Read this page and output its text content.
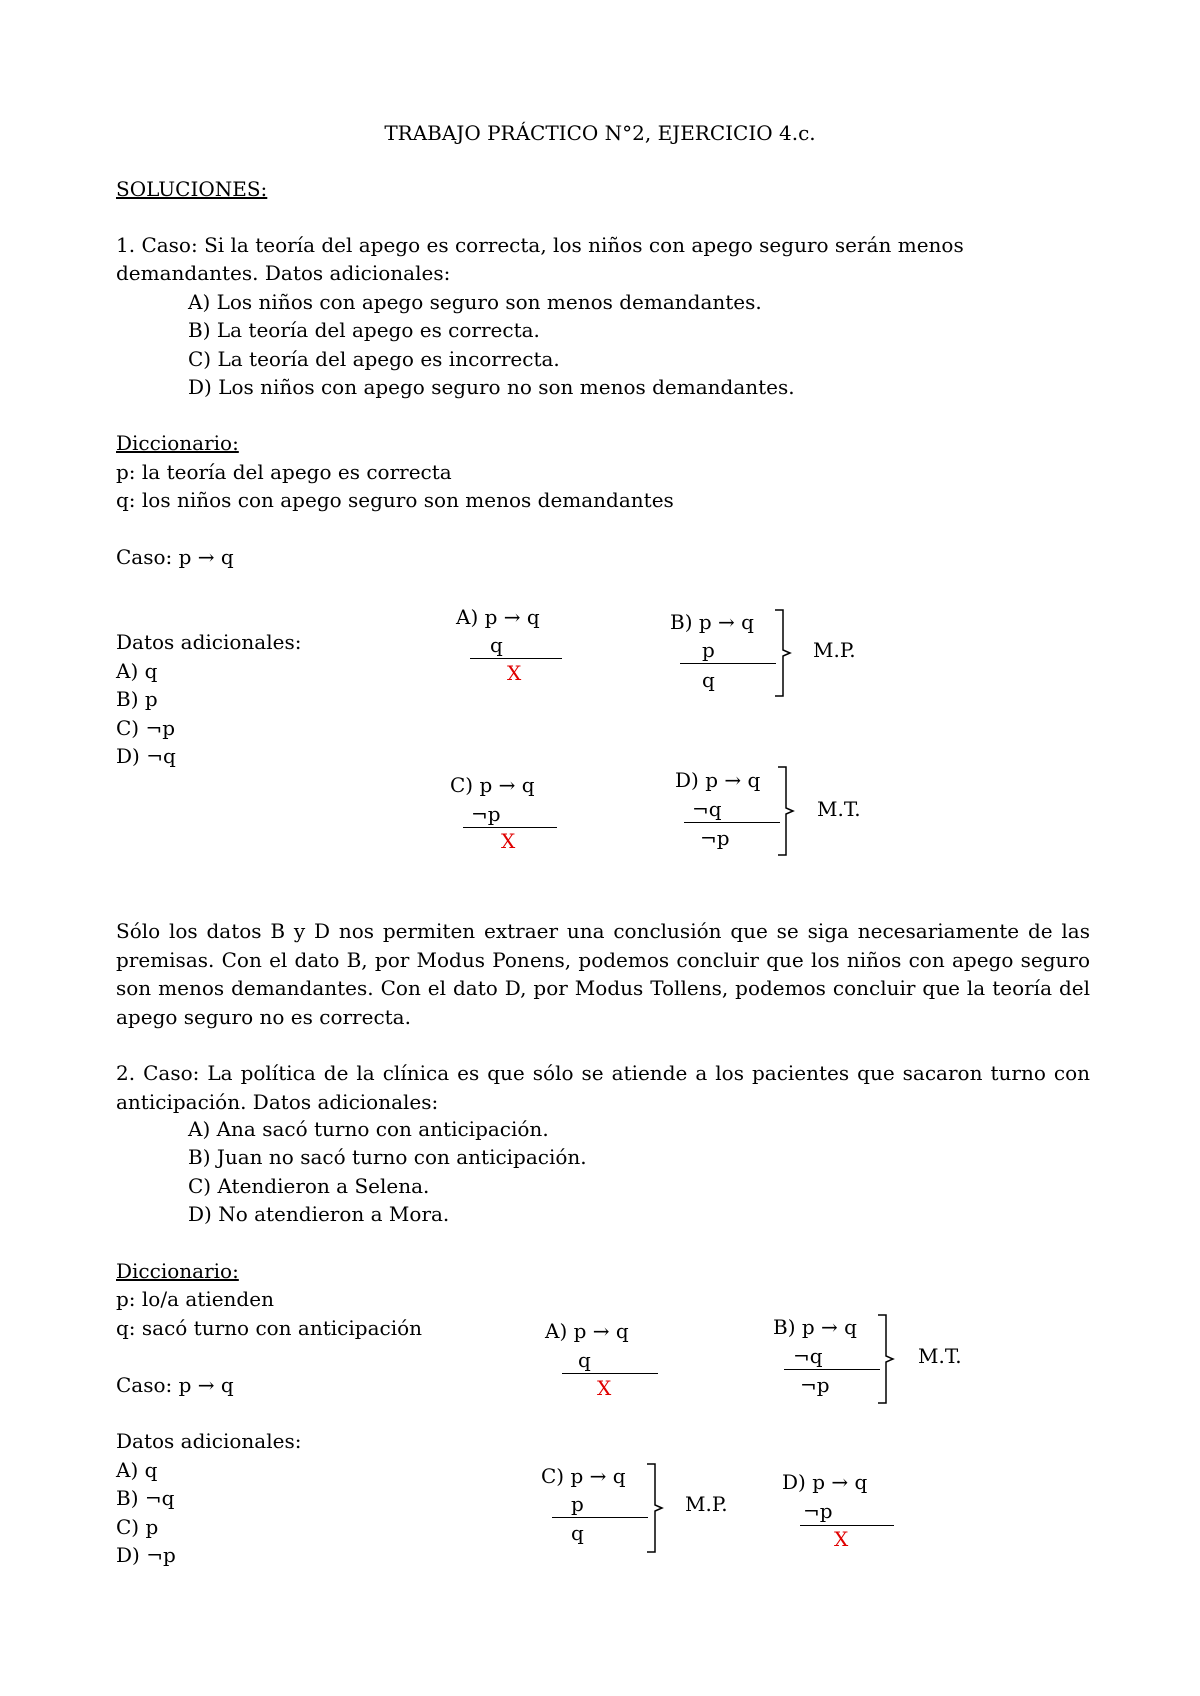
TRABAJO PRÁCTICO N°2, EJERCICIO 4.c.
SOLUCIONES:
1. Caso: Si la teoría del apego es correcta, los niños con apego seguro serán menos
demandantes. Datos adicionales:
A) Los niños con apego seguro son menos demandantes.
B) La teoría del apego es correcta.
C) La teoría del apego es incorrecta.
D) Los niños con apego seguro no son menos demandantes.
Diccionario:
p: la teoría del apego es correcta
q: los niños con apego seguro son menos demandantes
Caso: p → q
Datos adicionales:
A) q
B) p
C) ¬p
D) ¬q
A) p → q
q
X
B) p → q
p
q
M.P.
C) p → q
¬p
X
D) p → q
¬q
¬p
M.T.
Sólo los datos B y D nos permiten extraer una conclusión que se siga necesariamente de las premisas. Con el dato B, por Modus Ponens, podemos concluir que los niños con apego seguro son menos demandantes. Con el dato D, por Modus Tollens, podemos concluir que la teoría del apego seguro no es correcta.
2. Caso: La política de la clínica es que sólo se atiende a los pacientes que sacaron turno con anticipación. Datos adicionales:
A) Ana sacó turno con anticipación.
B) Juan no sacó turno con anticipación.
C) Atendieron a Selena.
D) No atendieron a Mora.
Diccionario:
p: lo/a atienden
q: sacó turno con anticipación
Caso: p → q
Datos adicionales:
A) q
B) ¬q
C) p
D) ¬p
A) p → q
q
X
B) p → q
¬q
¬p
M.T.
C) p → q
p
q
M.P.
D) p → q
¬p
X
